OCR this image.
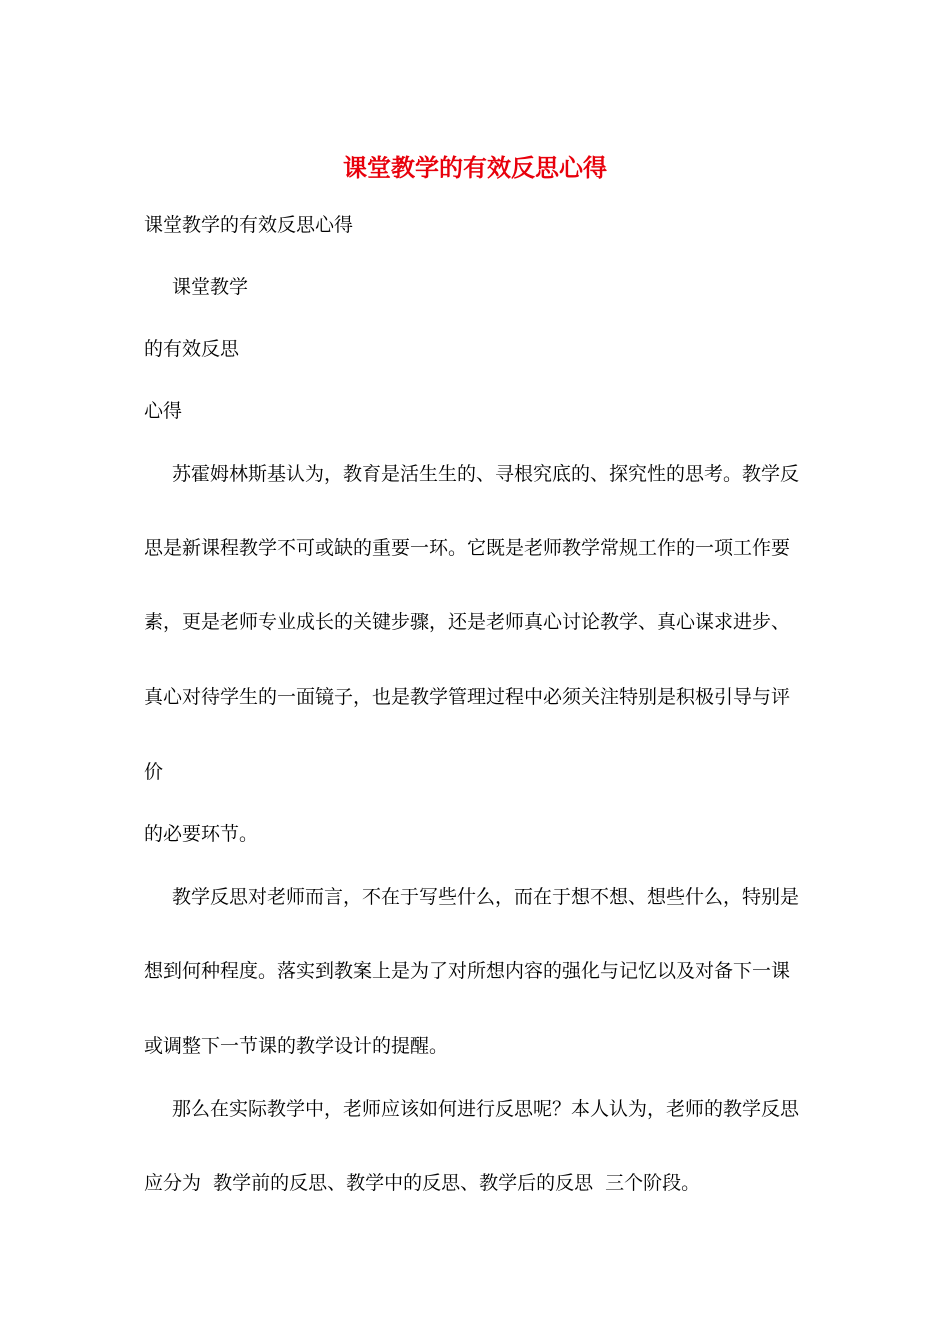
课堂教学的有效反思心得

课堂教学的有效反思心得

课堂教学

的有效反思

心得

苏霍姆林斯基认为，教育是活生生的、寻根究底的、探究性的思考。教学反

思是新课程教学不可或缺的重要一环。它既是老师教学常规工作的一项工作要

素，更是老师专业成长的关键步骤，还是老师真心讨论教学、真心谋求进步、

真心对待学生的一面镜子，也是教学管理过程中必须关注特别是积极引导与评

价

的必要环节。

教学反思对老师而言，不在于写些什么，而在于想不想、想些什么，特别是

想到何种程度。落实到教案上是为了对所想内容的强化与记忆以及对备下一课

或调整下一节课的教学设计的提醒。

那么在实际教学中，老师应该如何进行反思呢？本人认为，老师的教学反思

应分为  教学前的反思、教学中的反思、教学后的反思  三个阶段。
